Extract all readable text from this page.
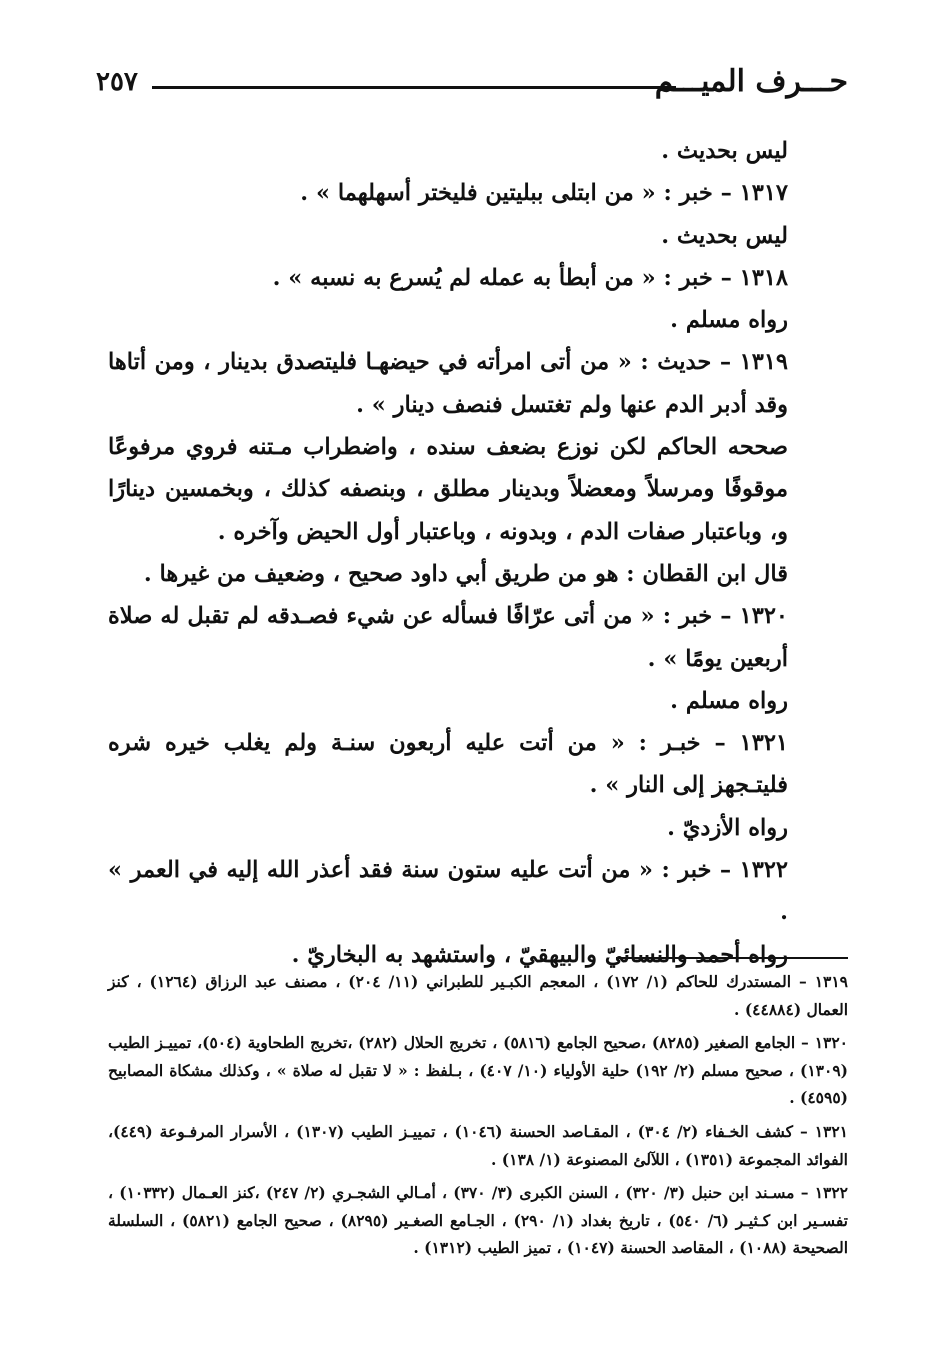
حـــرف الميـــم
٢٥٧

ليس بحديث .

١٣١٧ – خبر : « من ابتلى ببليتين فليختر أسهلهما » .

ليس بحديث .

١٣١٨ – خبر : « من أبطأ به عمله لم يُسرع به نسبه » .

رواه مسلم .

١٣١٩ – حديث : « من أتى امرأته في حيضهـا فليتصدق بدينار ، ومن أتاها وقد أدبر الدم عنها ولم تغتسل فنصف دينار » .

صححه الحاكم لكن نوزع بضعف سنده ، واضطراب مـتنه فروي مرفوعًا موقوفًا ومرسلاً ومعضلاً وبدينار مطلق ، وبنصفه كذلك ، وبخمسين دينارًا و، وباعتبار صفات الدم ، وبدونه ، وباعتبار أول الحيض وآخره .

قال ابن القطان : هو من طريق أبي داود صحيح ، وضعيف من غيرها .

١٣٢٠ – خبر : « من أتى عرّافًا فسأله عن شيء فصـدقه لم تقبل له صلاة أربعين يومًا » .

رواه مسلم .

١٣٢١ – خبـر : « من أتت عليه أربعون سنـة ولم يغلب خيره شره فليتـجهز إلى النار » .

رواه الأزديّ .

١٣٢٢ – خبر : « من أتت عليه ستون سنة فقد أعذر الله إليه في العمر » .

رواه أحمد والنسائيّ والبيهقيّ ، واستشهد به البخاريّ .

١٣١٩ – المستدرك للحاكم (١/ ١٧٢) ، المعجم الكبـير للطبراني (١١/ ٢٠٤) ، مصنف عبد الرزاق (١٢٦٤) ، كنز العمال (٤٤٨٨٤) .

١٣٢٠ – الجامع الصغير (٨٢٨٥) ،صحيح الجامع (٥٨١٦) ، تخريج الحلال (٢٨٢) ،تخريج الطحاوية (٥٠٤)، تمييـز الطيب (١٣٠٩) ، صحيح مسلم (٢/ ١٩٢) حلية الأولياء (١٠/ ٤٠٧) ، بـلفظ : « لا تقبل له صلاة » ، وكذلك مشكاة المصابيح (٤٥٩٥) .

١٣٢١ – كشف الخـفاء (٢/ ٣٠٤) ، المقـاصد الحسنة (١٠٤٦) ، تمييـز الطيب (١٣٠٧) ، الأسرار المرفـوعة (٤٤٩)، الفوائد المجموعة (١٣٥١) ، اللآلئ المصنوعة (١/ ١٣٨) .

١٣٢٢ – مسـند ابن حنبل (٣/ ٣٢٠) ، السنن الكبرى (٣/ ٣٧٠) ، أمـالي الشجـري (٢/ ٢٤٧) ،كنز العـمال (١٠٣٣٢) ، تفسـير ابن كـثيـر (٦/ ٥٤٠) ، تاريخ بغداد (١/ ٢٩٠) ، الجـامع الصغـير (٨٢٩٥) ، صحيح الجامع (٥٨٢١) ، السلسلة الصحيحة (١٠٨٨) ، المقاصد الحسنة (١٠٤٧) ، تميز الطيب (١٣١٢) .
